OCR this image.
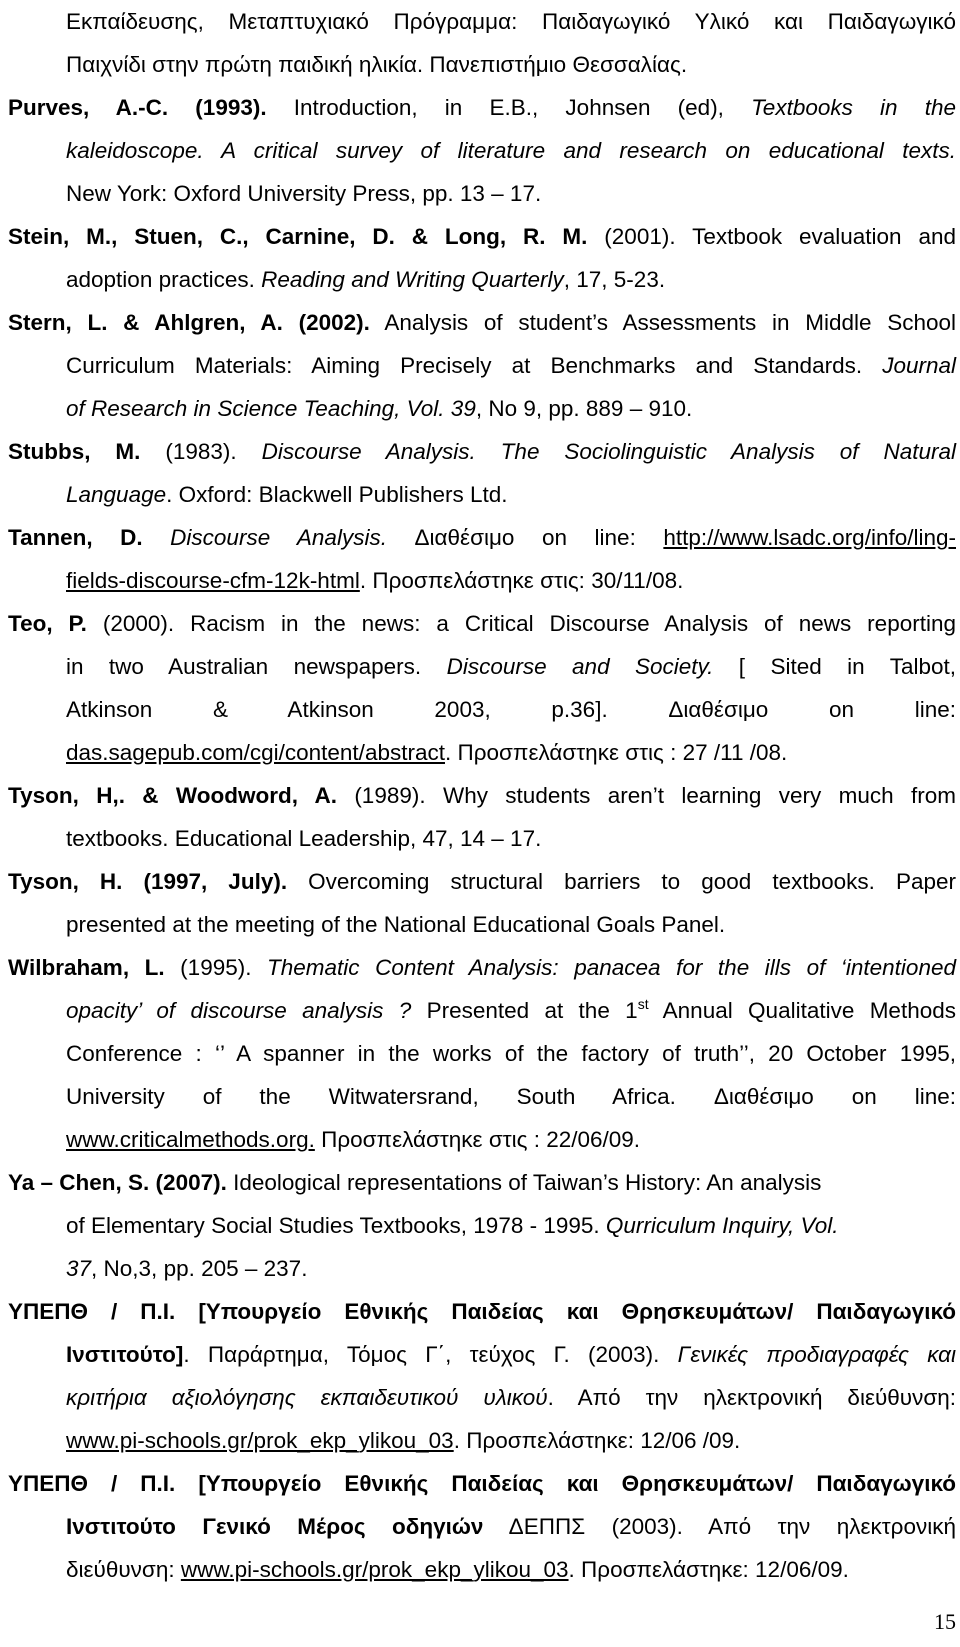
Εκπαίδευσης, Μεταπτυχιακό Πρόγραμμα: Παιδαγωγικό Υλικό και Παιδαγωγικό
Παιχνίδι στην πρώτη παιδική ηλικία. Πανεπιστήμιο Θεσσαλίας.
Purves, A.-C. (1993). Introduction, in E.B., Johnsen (ed), Textbooks in the
kaleidoscope. A critical survey of literature and research on educational texts.
New York: Oxford University Press, pp. 13 – 17.
Stein, M., Stuen, C., Carnine, D. & Long, R. M. (2001). Textbook evaluation and
adoption practices. Reading and Writing Quarterly, 17, 5-23.
Stern, L. & Ahlgren, A. (2002). Analysis of student’s Assessments in Middle School
Curriculum Materials: Aiming Precisely at Benchmarks and Standards. Journal
of Research in Science Teaching, Vol. 39, No 9, pp. 889 – 910.
Stubbs, M. (1983). Discourse Analysis. The Sociolinguistic Analysis of Natural
Language. Oxford: Blackwell Publishers Ltd.
Tannen, D. Discourse Analysis. Διαθέσιμο on line: http://www.lsadc.org/info/ling-
fields-discourse-cfm-12k-html. Προσπελάστηκε στις: 30/11/08.
Teo, P. (2000). Racism in the news: a Critical Discourse Analysis of news reporting
in two Australian newspapers. Discourse and Society. [ Sited in Talbot,
Atkinson & Atkinson 2003, p.36]. Διαθέσιμο on line:
das.sagepub.com/cgi/content/abstract. Προσπελάστηκε στις : 27 /11 /08.
Tyson, H,. & Woodword, A. (1989). Why students aren’t learning very much from
textbooks. Educational Leadership, 47, 14 – 17.
Tyson, H. (1997, July). Overcoming structural barriers to good textbooks. Paper
presented at the meeting of the National Educational Goals Panel.
Wilbraham, L. (1995). Thematic Content Analysis: panacea for the ills of ‘intentioned
opacity’ of discourse analysis ? Presented at the 1st Annual Qualitative Methods
Conference : ‘’ A spanner in the works of the factory of truth’’, 20 October 1995,
University of the Witwatersrand, South Africa. Διαθέσιμο on line:
www.criticalmethods.org. Προσπελάστηκε στις : 22/06/09.
Ya – Chen, S. (2007). Ideological representations of Taiwan’s History: An analysis
of Elementary Social Studies Textbooks, 1978 - 1995. Qurriculum Inquiry, Vol.
37, No,3, pp. 205 – 237.
ΥΠΕΠΘ / Π.Ι. [Υπουργείο Εθνικής Παιδείας και Θρησκευμάτων/ Παιδαγωγικό
Ινστιτούτο]. Παράρτημα, Τόμος Γ΄, τεύχος Γ. (2003). Γενικές προδιαγραφές και
κριτήρια αξιολόγησης εκπαιδευτικού υλικού. Από την ηλεκτρονική διεύθυνση:
www.pi-schools.gr/prok_ekp_ylikou_03. Προσπελάστηκε: 12/06 /09.
ΥΠΕΠΘ / Π.Ι. [Υπουργείο Εθνικής Παιδείας και Θρησκευμάτων/ Παιδαγωγικό
Ινστιτούτο Γενικό Μέρος οδηγιών ΔΕΠΠΣ (2003). Από την ηλεκτρονική
διεύθυνση: www.pi-schools.gr/prok_ekp_ylikou_03. Προσπελάστηκε: 12/06/09.
15
